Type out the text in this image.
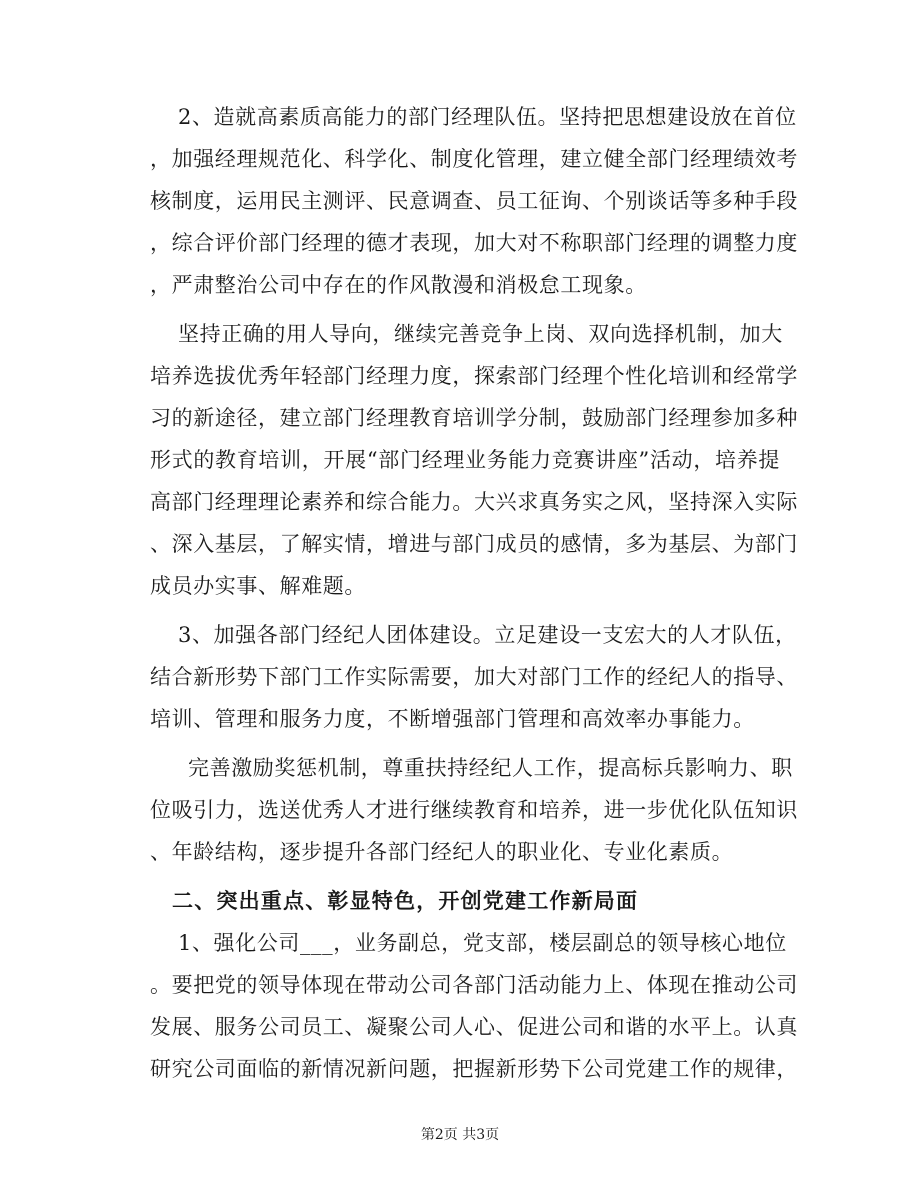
2、造就高素质高能力的部门经理队伍。坚持把思想建设放在首位
，加强经理规范化、科学化、制度化管理，建立健全部门经理绩效考
核制度，运用民主测评、民意调查、员工征询、个别谈话等多种手段
，综合评价部门经理的德才表现，加大对不称职部门经理的调整力度
，严肃整治公司中存在的作风散漫和消极怠工现象。
坚持正确的用人导向，继续完善竞争上岗、双向选择机制，加大
培养选拔优秀年轻部门经理力度，探索部门经理个性化培训和经常学
习的新途径，建立部门经理教育培训学分制，鼓励部门经理参加多种
形式的教育培训，开展“部门经理业务能力竞赛讲座”活动，培养提
高部门经理理论素养和综合能力。大兴求真务实之风，坚持深入实际
、深入基层，了解实情，增进与部门成员的感情，多为基层、为部门
成员办实事、解难题。
3、加强各部门经纪人团体建设。立足建设一支宏大的人才队伍，
结合新形势下部门工作实际需要，加大对部门工作的经纪人的指导、
培训、管理和服务力度，不断增强部门管理和高效率办事能力。
完善激励奖惩机制，尊重扶持经纪人工作，提高标兵影响力、职
位吸引力，选送优秀人才进行继续教育和培养，进一步优化队伍知识
、年龄结构，逐步提升各部门经纪人的职业化、专业化素质。
二、突出重点、彰显特色，开创党建工作新局面
1、强化公司___，业务副总，党支部，楼层副总的领导核心地位
。要把党的领导体现在带动公司各部门活动能力上、体现在推动公司
发展、服务公司员工、凝聚公司人心、促进公司和谐的水平上。认真
研究公司面临的新情况新问题，把握新形势下公司党建工作的规律，
第2页 共3页
